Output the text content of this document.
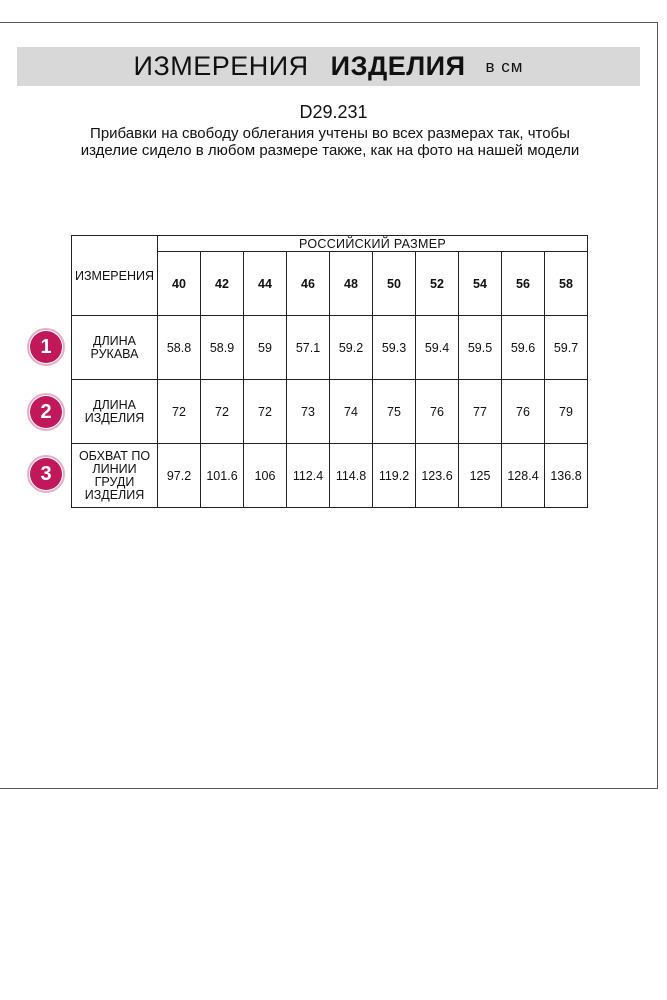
ИЗМЕРЕНИЯ ИЗДЕЛИЯ в см
D29.231
Прибавки на свободу облегания учтены во всех размерах так, чтобы изделие сидело в любом размере также, как на фото на нашей модели
ИЗМЕРЕНИЯ	РОССИЙСКИЙ РАЗМЕР									
	40	42	44	46	48	50	52	54	56	58
ДЛИНА РУКАВА	58.8	58.9	59	57.1	59.2	59.3	59.4	59.5	59.6	59.7
ДЛИНА ИЗДЕЛИЯ	72	72	72	73	74	75	76	77	76	79
ОБХВАТ ПО ЛИНИИ ГРУДИ ИЗДЕЛИЯ	97.2	101.6	106	112.4	114.8	119.2	123.6	125	128.4	136.8
1
2
3
